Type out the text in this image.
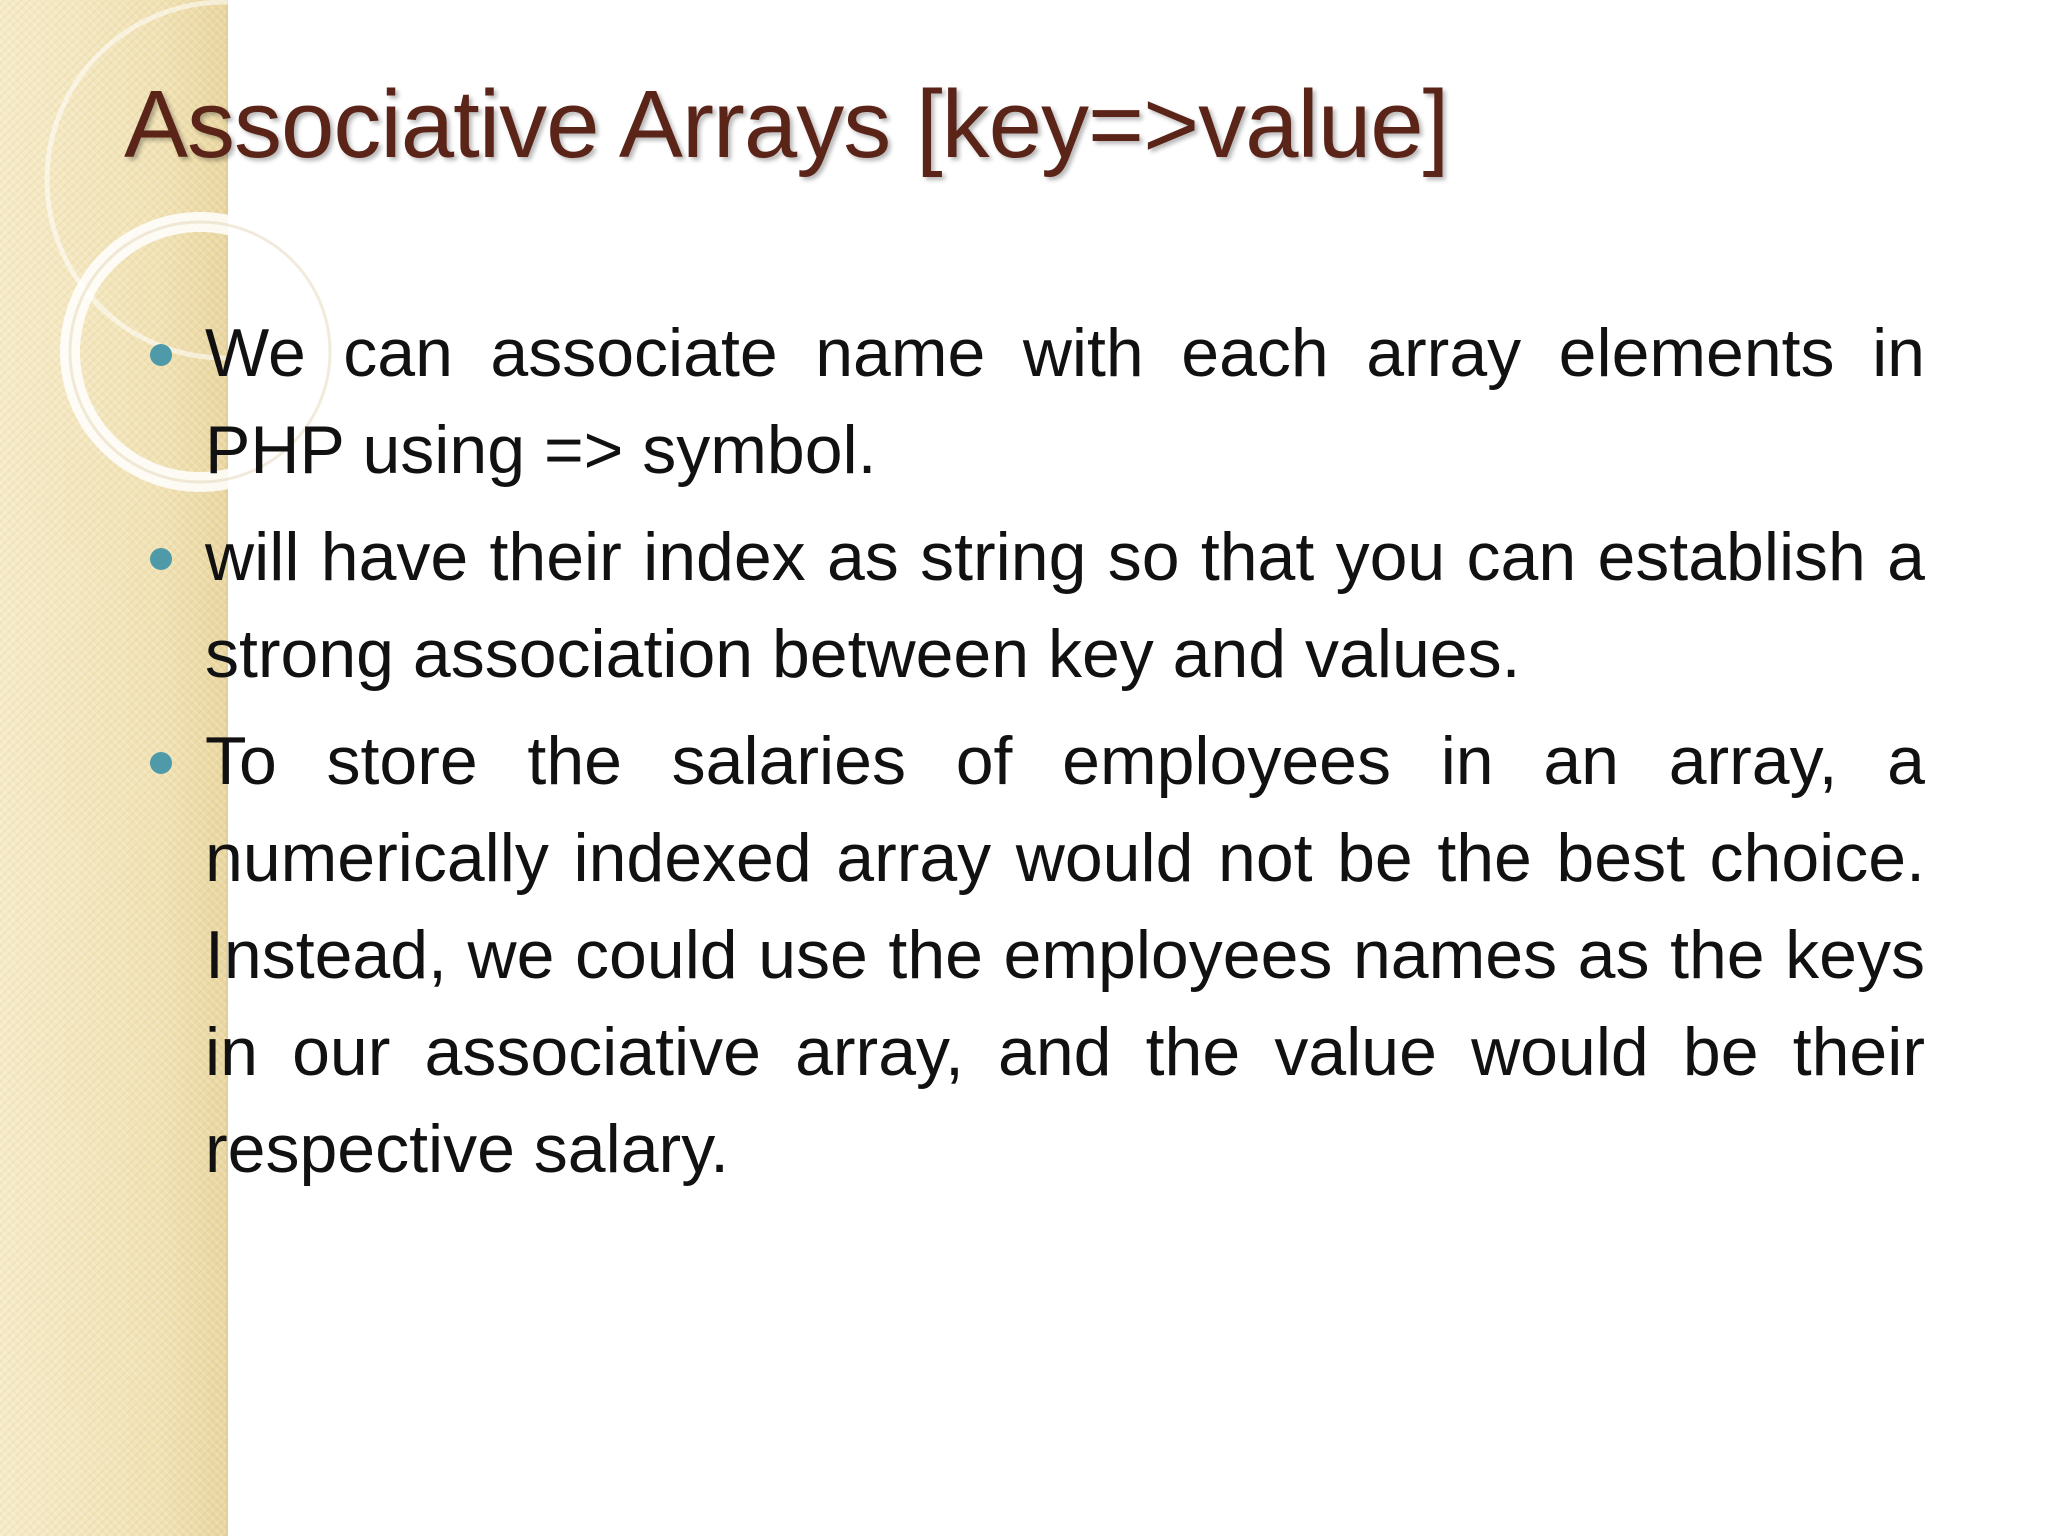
Associative Arrays [key=>value]
We can associate name with each array elements in PHP using => symbol.
will have their index as string so that you can establish a strong association between key and values.
To store the salaries of employees in an array, a numerically indexed array would not be the best choice. Instead, we could use the employees names as the keys in our associative array, and the value would be their respective salary.
